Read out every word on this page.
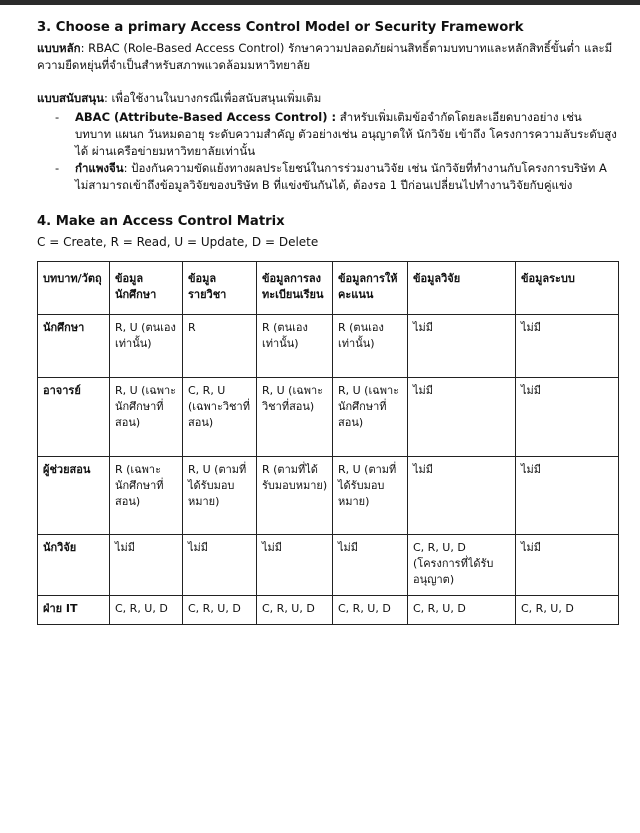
3. Choose a primary Access Control Model or Security Framework

แบบหลัก: RBAC (Role-Based Access Control) รักษาความปลอดภัยผ่านสิทธิ์ตามบทบาทและหลักสิทธิ์ขั้นต่ำ และมีความยืดหยุ่นที่จำเป็นสำหรับสภาพแวดล้อมมหาวิทยาลัย

แบบสนับสนุน: เพื่อใช้งานในบางกรณีเพื่อสนับสนุนเพิ่มเติม

- ABAC (Attribute-Based Access Control) : สำหรับเพิ่มเติมข้อจำกัดโดยละเอียดบางอย่าง เช่น บทบาท แผนก วันหมดอายุ ระดับความสำคัญ ตัวอย่างเช่น อนุญาตให้ นักวิจัย เข้าถึง โครงการความลับระดับสูงได้ ผ่านเครือข่ายมหาวิทยาลัยเท่านั้น
- กำแพงจีน: ป้องกันความขัดแย้งทางผลประโยชน์ในการร่วมงานวิจัย เช่น นักวิจัยที่ทำงานกับโครงการบริษัท A ไม่สามารถเข้าถึงข้อมูลวิจัยของบริษัท B ที่แข่งขันกันได้, ต้องรอ 1 ปีก่อนเปลี่ยนไปทำงานวิจัยกับคู่แข่ง
4. Make an Access Control Matrix

C = Create, R = Read, U = Update, D = Delete

บทบาท/วัตถุ	ข้อมูลนักศึกษา	ข้อมูลรายวิชา	ข้อมูลการลงทะเบียนเรียน	ข้อมูลการให้คะแนน	ข้อมูลวิจัย	ข้อมูลระบบ
นักศึกษา	R, U (ตนเองเท่านั้น)	R	R (ตนเองเท่านั้น)	R (ตนเองเท่านั้น)	ไม่มี	ไม่มี
อาจารย์	R, U (เฉพาะนักศึกษาที่สอน)	C, R, U (เฉพาะวิชาที่สอน)	R, U (เฉพาะวิชาที่สอน)	R, U (เฉพาะนักศึกษาที่สอน)	ไม่มี	ไม่มี
ผู้ช่วยสอน	R (เฉพาะนักศึกษาที่สอน)	R, U (ตามที่ได้รับมอบหมาย)	R (ตามที่ได้รับมอบหมาย)	R, U (ตามที่ได้รับมอบหมาย)	ไม่มี	ไม่มี
นักวิจัย	ไม่มี	ไม่มี	ไม่มี	ไม่มี	C, R, U, D (โครงการที่ได้รับอนุญาต)	ไม่มี
ฝ่าย IT	C, R, U, D	C, R, U, D	C, R, U, D	C, R, U, D	C, R, U, D	C, R, U, D
